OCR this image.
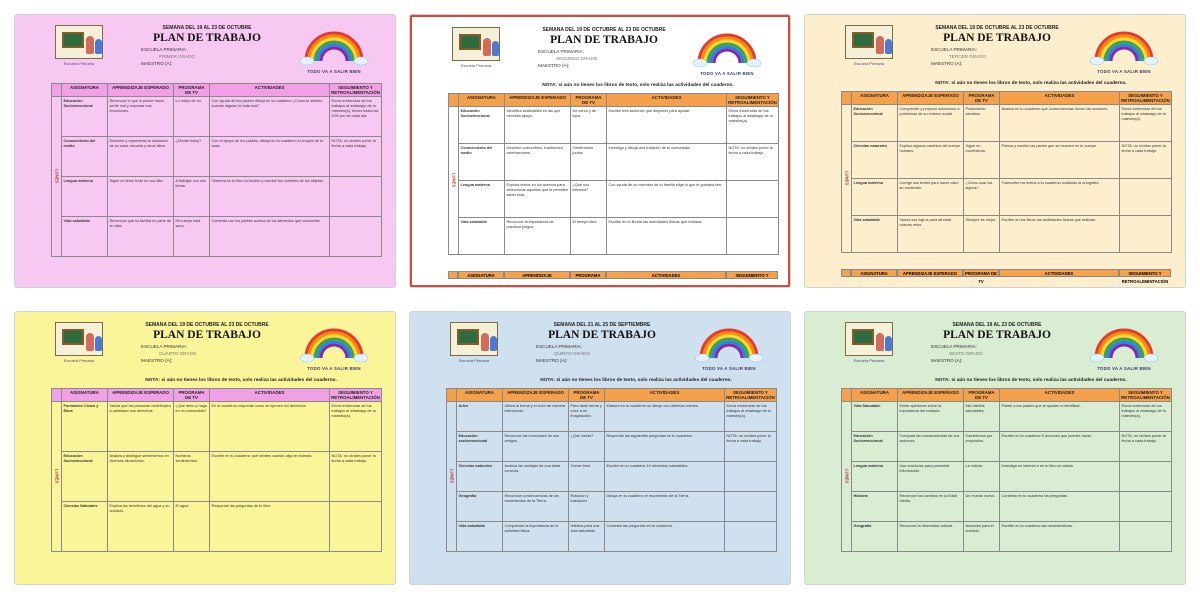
Escuela Primaria
SEMANA DEL 19 AL 23 DE OCTUBRE
PLAN DE TRABAJO
ESCUELA PRIMARIA:
PRIMER GRADO
MAESTRO (A):
TODO VA A SALIR BIEN
	ASIGNATURA	APRENDIZAJE ESPERADO	PROGRAMA DE TV	ACTIVIDADES	SEGUIMIENTO Y RETROALIMENTACIÓN
LUNES	Educación Socioemocional	Reconoce lo que le puede hacer sentir mal y expresar sus emociones.	Lo mejor de mí.	Con ayuda de tus padres dibuja en tu cuaderno ¿Cómo te sientes cuando alguien te trata mal?	Envía evidencias de tus trabajos al whatsapp de tu maestro(a), tienes hasta las 9:00 pm de cada día.
	Conocimiento del medio	Describe y representa la ubicación de su casa, escuela y otros sitios.	¿Dónde estoy?	Con el apoyo de tus padres, dibuja en tu cuaderno el croquis de tu casa.	NOTA: no olvides poner la fecha a cada trabajo.
	Lengua materna	Sigue un texto leído en voz alta.	A trabajar con mis letras.	Observa en tu libro la lección y escribe los nombres de los objetos.	
	Vida saludable	Reconoce que su familia es parte de su vida.	Mi cuerpo está sano.	Comenta con tus padres acerca de los alimentos que consumes.	
Escuela Primaria
SEMANA DEL 19 DE OCTUBRE AL 23 DE OCTUBRE
PLAN DE TRABAJO
ESCUELA PRIMARIA:
SEGUNDO GRADO
MAESTRO (A):
TODO VA A SALIR BIEN
NOTA: si aún no tienes los libros de texto, solo realiza las actividades del cuaderno.
	ASIGNATURA	APRENDIZAJE ESPERADO	PROGRAMA DE TV	ACTIVIDADES	SEGUIMIENTO Y RETROALIMENTACIÓN
LUNES	Educación Socioemocional	Identifica actividades en las que necesita apoyo.	De cerca y de lejos.	Escribe tres acciones que dispones para ayudar.	Envía evidencias de tus trabajos al whatsapp de tu maestro(a).
	Conocimiento del medio	Describe costumbres, tradiciones, celebraciones.	Celebramos juntos.	Investiga y dibuja una tradición de tu comunidad.	NOTA: no olvides poner la fecha a cada trabajo.
	Lengua materna	Explora textos en los acervos para seleccionar aquellos que le permiten saber más.	¿Qué nos interesa?	Con ayuda de un miembro de tu familia elige lo que te gustaría leer.	
	Vida saludable	Reconoce la importancia de practicar juegos.	El tiempo libre.	Escribe en tu libreta las actividades físicas que realizas.	
ASIGNATURA	APRENDIZAJE	PROGRAMA	ACTIVIDADES	SEGUIMIENTO Y
Escuela Primaria
SEMANA DEL 19 DE OCTUBRE AL 23 DE OCTUBRE
PLAN DE TRABAJO
ESCUELA PRIMARIA:
TERCER GRADO
MAESTRO (A):
TODO VA A SALIR BIEN
NOTA: si aún no tienes los libros de texto, solo realiza las actividades del cuaderno.
	ASIGNATURA	APRENDIZAJE ESPERADO	PROGRAMA DE TV	ACTIVIDADES	SEGUIMIENTO Y RETROALIMENTACIÓN
LUNES	Educación Socioemocional	Comprende y propone soluciones a problemas de su entorno social.	Propiciando cambios.	Analiza en tu cuaderno qué consecuencias tienen las acciones.	Envía evidencias de tus trabajos al whatsapp de tu maestro(a).
	Ciencias naturales	Explica algunos cambios del cuerpo humano.	Sigue en movimiento.	Piensa y escribe las partes que se mueven en tu cuerpo.	NOTA: no olvides poner la fecha a cada trabajo.
	Lengua materna	Corrige sus textos para hacer claro su contenido.	¿Cómo usar los signos?	Transcribe los textos a tu cuaderno cuidando la ortografía.	
	Vida saludable	Valora sus logros para afrontar nuevos retos.	Siempre es mejor.	Escribe en tus libros las actividades físicas que realizas.	
ASIGNATURA	APRENDIZAJE ESPERADO	PROGRAMA DE TV
ACTIVIDADES	SEGUIMIENTO Y RETROALIMENTACIÓN
Escuela Primaria
SEMANA DEL 19 DE OCTUBRE AL 23 DE OCTUBRE
PLAN DE TRABAJO
ESCUELA PRIMARIA:
CUARTO GRADO
MAESTRO (A):
TODO VA A SALIR BIEN
NOTA: si aún no tienes los libros de texto, solo realiza las actividades del cuaderno.
	ASIGNATURA	APRENDIZAJE ESPERADO	PROGRAMA DE TV	ACTIVIDADES	SEGUIMIENTO Y RETROALIMENTACIÓN
LUNES	Formación Cívica y Ética	Valora que las personas contribuyen a satisfacer sus derechos.	¿Qué debo y hago en mi comunidad?	En el cuaderno responde como se ejercen tus derechos.	Envía evidencias de tus trabajos al whatsapp de tu maestro(a).
	Educación Socioemocional	Analiza y distingue sentimientos en diversas situaciones.	Nuestros sentimientos.	Escribe en tu cuaderno qué sientes cuando algo te molesta.	NOTA: no olvides poner la fecha a cada trabajo.
	Ciencias Naturales	Explica los beneficios del agua y su cuidado.	El agua.	Responde las preguntas de tu libro.	
Escuela Primaria
SEMANA DEL 21 AL 25 DE SEPTIEMBRE
PLAN DE TRABAJO
ESCUELA PRIMARIA:
QUINTO GRADO
MAESTRO (A):
TODO VA A SALIR BIEN
NOTA: si aún no tienes los libros de texto, solo realiza las actividades del cuaderno.
	ASIGNATURA	APRENDIZAJE ESPERADO	PROGRAMA DE TV	ACTIVIDADES	SEGUIMIENTO Y RETROALIMENTACIÓN
LUNES	Artes	Utiliza la forma y el color de manera intencional.	Para darle forma y color a mi imaginación.	Elabora en tu cuaderno un dibujo con distintos colores.	Envía evidencias de tus trabajos al whatsapp de tu maestro(a).
	Educación socioemocional	Reconoce las emociones de sus amigos.	¿Qué siento?	Responde las siguientes preguntas en tu cuaderno.	NOTA: no olvides poner la fecha a cada trabajo.
	Ciencias naturales	Analiza las ventajas de una dieta correcta.	Comer bien.	Escribe en tu cuaderno 10 alimentos saludables.	
	Geografía	Reconoce consecuencias de los movimientos de la Tierra.	Rotación y traslación.	Dibuja en tu cuaderno el movimiento de la Tierra.	
	Vida saludable	Comprende la importancia de la actividad física.	Hábitos para una vida saludable.	Contesta las preguntas en tu cuaderno.	
Escuela Primaria
SEMANA DEL 19 AL 23 DE OCTUBRE
PLAN DE TRABAJO
ESCUELA PRIMARIA:
SEXTO GRADO
MAESTRO (A):
TODO VA A SALIR BIEN
NOTA: si aún no tienes los libros de texto, solo realiza las actividades del cuaderno.
	ASIGNATURA	APRENDIZAJE ESPERADO	PROGRAMA DE TV	ACTIVIDADES	SEGUIMIENTO Y RETROALIMENTACIÓN
LUNES	Vida Saludable	Emite opiniones sobre la importancia del cuidado.	Mis hábitos saludables.	Pídele a tus padres que te ayuden a identificar.	Envía evidencias de tus trabajos al whatsapp de tu maestro(a).
	Educación Socioemocional	Compara las consecuencias de sus acciones.	Cambiemos por propósitos.	Escribe en tu cuaderno 5 acciones que puedes hacer.	NOTA: no olvides poner la fecha a cada trabajo.
	Lengua materna	Usa oraciones para presentar información.	La noticia.	Investiga en internet o en tu libro la noticia.	
	Historia	Reconoce los cambios en la Edad Media.	Un mundo nuevo.	Contesta en tu cuaderno las preguntas.	
	Geografía	Reconoce la diversidad cultural.	Acciones para el cuidado.	Escribe en tu cuaderno las características.	
